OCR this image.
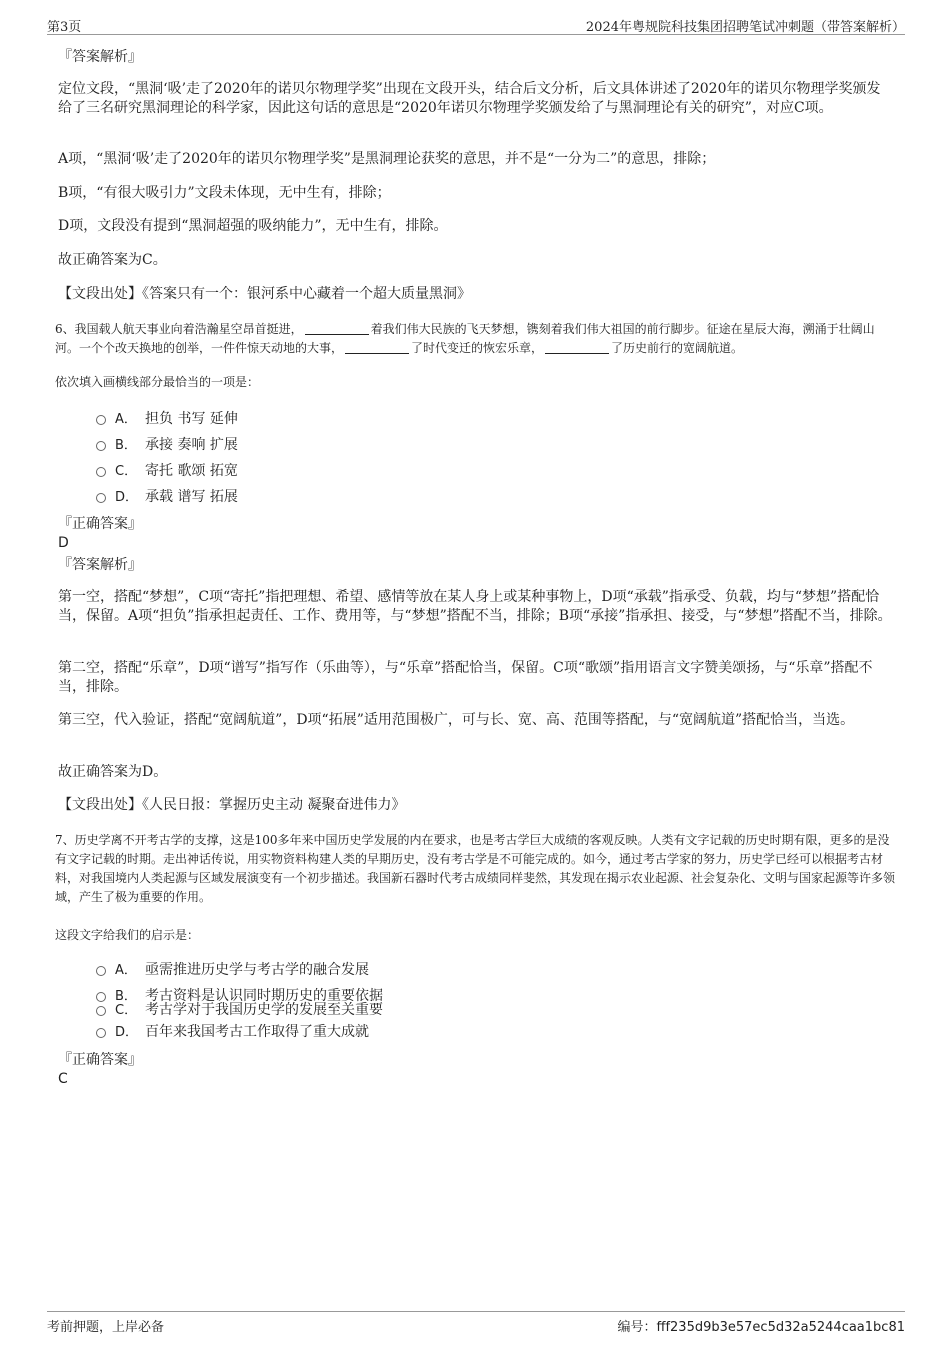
第3页	2024年粤规院科技集团招聘笔试冲刺题（带答案解析）

『答案解析』

定位文段，“黑洞‘吸’走了2020年的诺贝尔物理学奖”出现在文段开头，结合后文分析，后文具体讲述了2020年的诺贝尔物理学奖颁发给了三名研究黑洞理论的科学家，因此这句话的意思是“2020年诺贝尔物理学奖颁发给了与黑洞理论有关的研究”，对应C项。

A项，“黑洞‘吸’走了2020年的诺贝尔物理学奖”是黑洞理论获奖的意思，并不是“一分为二”的意思，排除；

B项，“有很大吸引力”文段未体现，无中生有，排除；

D项，文段没有提到“黑洞超强的吸纳能力”，无中生有，排除。

故正确答案为C。

【文段出处】《答案只有一个：银河系中心藏着一个超大质量黑洞》

6、我国载人航天事业向着浩瀚星空昂首挺进，	着我们伟大民族的飞天梦想，镌刻着我们伟大祖国的前行脚步。征途在星辰大海，溯涌于壮阔山河。一个个改天换地的创举，一件件惊天动地的大事，	了时代变迁的恢宏乐章，	了历史前行的宽阔航道。

依次填入画横线部分最恰当的一项是：

A． 担负 书写 延伸
B． 承接 奏响 扩展
C． 寄托 歌颂 拓宽
D． 承载 谱写 拓展

『正确答案』

D

『答案解析』

第一空，搭配“梦想”，C项“寄托”指把理想、希望、感情等放在某人身上或某种事物上，D项“承载”指承受、负载，均与“梦想”搭配恰当，保留。A项“担负”指承担起责任、工作、费用等，与“梦想”搭配不当，排除；B项“承接”指承担、接受，与“梦想”搭配不当，排除。

第二空，搭配“乐章”，D项“谱写”指写作（乐曲等），与“乐章”搭配恰当，保留。C项“歌颂”指用语言文字赞美颂扬，与“乐章”搭配不当，排除。

第三空，代入验证，搭配“宽阔航道”，D项“拓展”适用范围极广，可与长、宽、高、范围等搭配，与“宽阔航道”搭配恰当，当选。

故正确答案为D。

【文段出处】《人民日报：掌握历史主动 凝聚奋进伟力》

7、历史学离不开考古学的支撑，这是100多年来中国历史学发展的内在要求，也是考古学巨大成绩的客观反映。人类有文字记载的历史时期有限，更多的是没有文字记载的时期。走出神话传说，用实物资料构建人类的早期历史，没有考古学是不可能完成的。如今，通过考古学家的努力，历史学已经可以根据考古材料，对我国境内人类起源与区域发展演变有一个初步描述。我国新石器时代考古成绩同样斐然，其发现在揭示农业起源、社会复杂化、文明与国家起源等许多领域，产生了极为重要的作用。

这段文字给我们的启示是：

A． 亟需推进历史学与考古学的融合发展
B． 考古资料是认识同时期历史的重要依据
C． 考古学对于我国历史学的发展至关重要
D． 百年来我国考古工作取得了重大成就

『正确答案』

C

考前押题，上岸必备	编号：fff235d9b3e57ec5d32a5244caa1bc81
